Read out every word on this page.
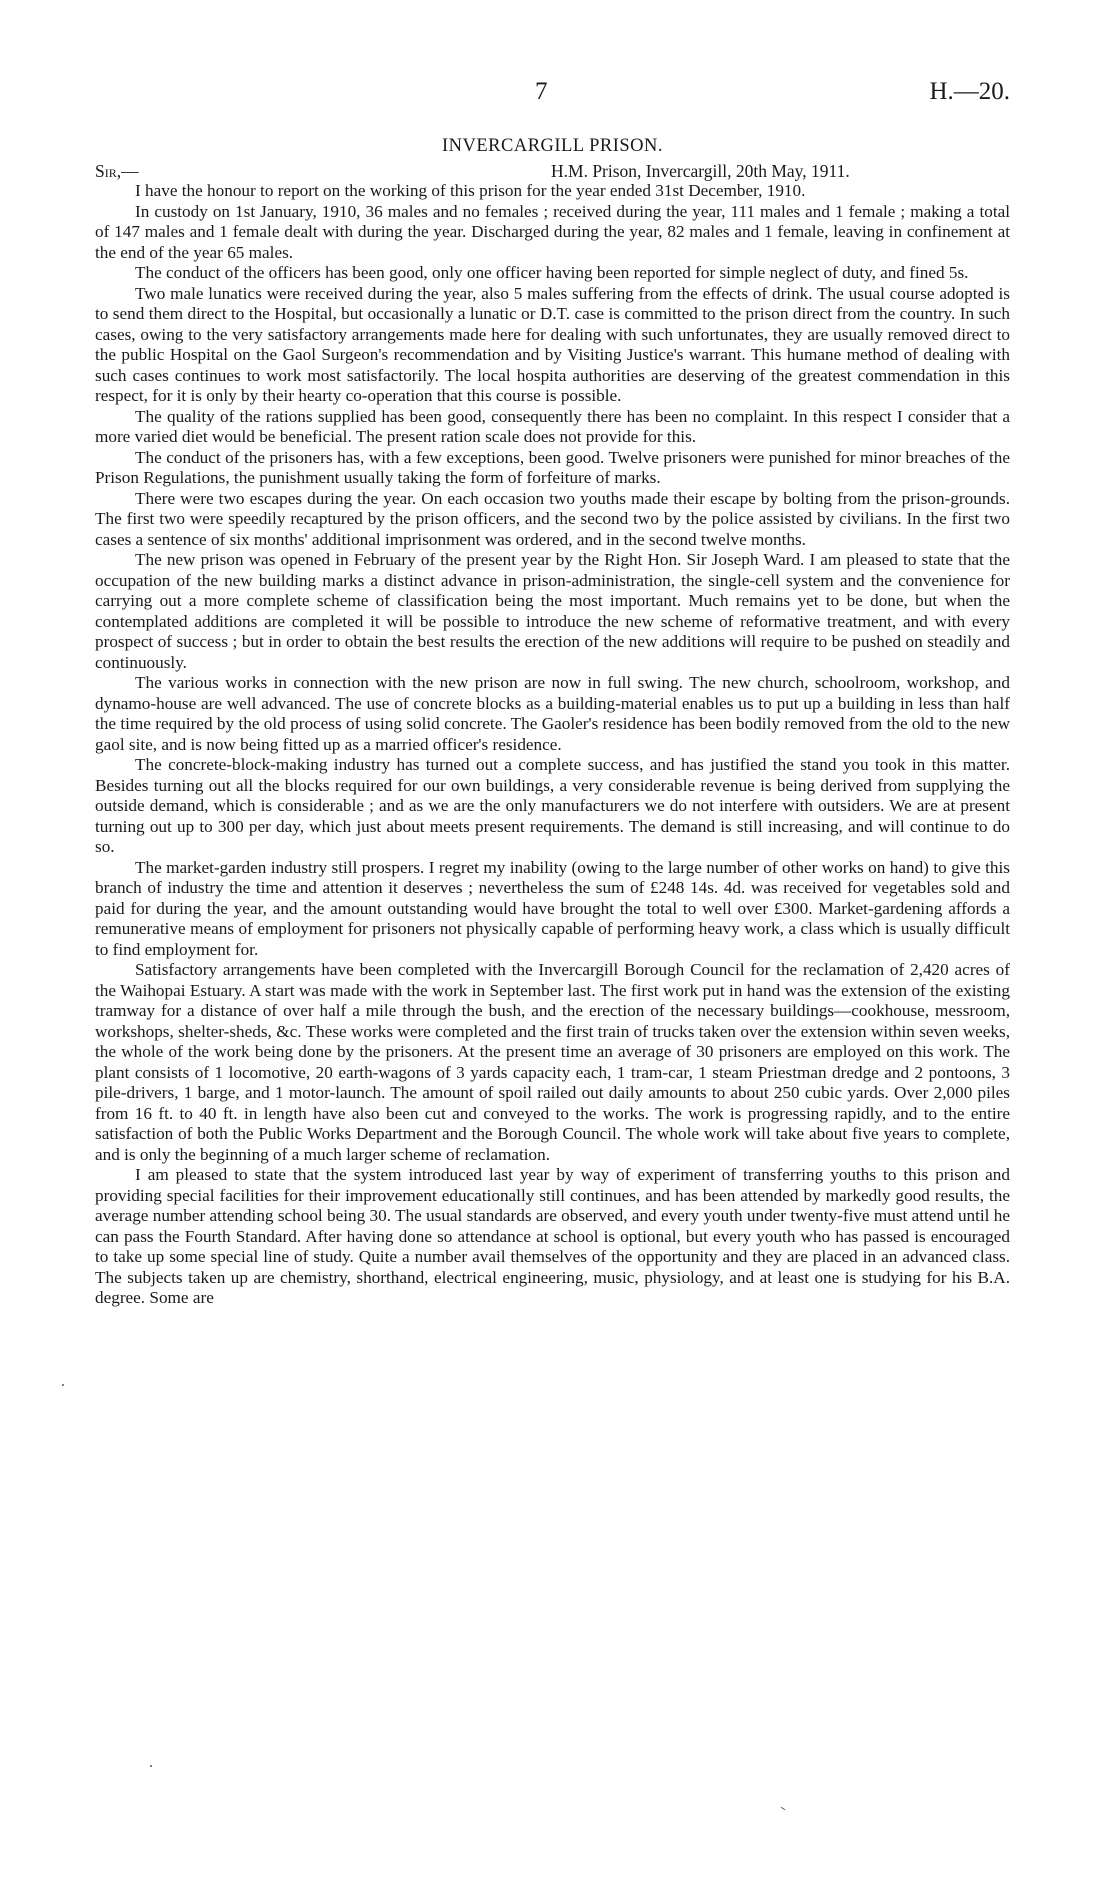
7	H.—20.
INVERCARGILL PRISON.
Sir,—	H.M. Prison, Invercargill, 20th May, 1911.

I have the honour to report on the working of this prison for the year ended 31st December, 1910.

In custody on 1st January, 1910, 36 males and no females ; received during the year, 111 males and 1 female ; making a total of 147 males and 1 female dealt with during the year. Discharged during the year, 82 males and 1 female, leaving in confinement at the end of the year 65 males.

The conduct of the officers has been good, only one officer having been reported for simple neglect of duty, and fined 5s.

Two male lunatics were received during the year, also 5 males suffering from the effects of drink. The usual course adopted is to send them direct to the Hospital, but occasionally a lunatic or D.T. case is committed to the prison direct from the country. In such cases, owing to the very satisfactory arrangements made here for dealing with such unfortunates, they are usually removed direct to the public Hospital on the Gaol Surgeon's recommendation and by Visiting Justice's warrant. This humane method of dealing with such cases continues to work most satisfactorily. The local hospita authorities are deserving of the greatest commendation in this respect, for it is only by their hearty co-operation that this course is possible.

The quality of the rations supplied has been good, consequently there has been no complaint. In this respect I consider that a more varied diet would be beneficial. The present ration scale does not provide for this.

The conduct of the prisoners has, with a few exceptions, been good. Twelve prisoners were punished for minor breaches of the Prison Regulations, the punishment usually taking the form of forfeiture of marks.

There were two escapes during the year. On each occasion two youths made their escape by bolting from the prison-grounds. The first two were speedily recaptured by the prison officers, and the second two by the police assisted by civilians. In the first two cases a sentence of six months' additional imprisonment was ordered, and in the second twelve months.

The new prison was opened in February of the present year by the Right Hon. Sir Joseph Ward. I am pleased to state that the occupation of the new building marks a distinct advance in prison-administration, the single-cell system and the convenience for carrying out a more complete scheme of classification being the most important. Much remains yet to be done, but when the contemplated additions are completed it will be possible to introduce the new scheme of reformative treatment, and with every prospect of success ; but in order to obtain the best results the erection of the new additions will require to be pushed on steadily and continuously.

The various works in connection with the new prison are now in full swing. The new church, schoolroom, workshop, and dynamo-house are well advanced. The use of concrete blocks as a building-material enables us to put up a building in less than half the time required by the old process of using solid concrete. The Gaoler's residence has been bodily removed from the old to the new gaol site, and is now being fitted up as a married officer's residence.

The concrete-block-making industry has turned out a complete success, and has justified the stand you took in this matter. Besides turning out all the blocks required for our own buildings, a very considerable revenue is being derived from supplying the outside demand, which is considerable ; and as we are the only manufacturers we do not interfere with outsiders. We are at present turning out up to 300 per day, which just about meets present requirements. The demand is still increasing, and will continue to do so.

The market-garden industry still prospers. I regret my inability (owing to the large number of other works on hand) to give this branch of industry the time and attention it deserves ; nevertheless the sum of £248 14s. 4d. was received for vegetables sold and paid for during the year, and the amount outstanding would have brought the total to well over £300. Market-gardening affords a remunerative means of employment for prisoners not physically capable of performing heavy work, a class which is usually difficult to find employment for.

Satisfactory arrangements have been completed with the Invercargill Borough Council for the reclamation of 2,420 acres of the Waihopai Estuary. A start was made with the work in September last. The first work put in hand was the extension of the existing tramway for a distance of over half a mile through the bush, and the erection of the necessary buildings—cookhouse, messroom, workshops, shelter-sheds, &c. These works were completed and the first train of trucks taken over the extension within seven weeks, the whole of the work being done by the prisoners. At the present time an average of 30 prisoners are employed on this work. The plant consists of 1 locomotive, 20 earth-wagons of 3 yards capacity each, 1 tram-car, 1 steam Priestman dredge and 2 pontoons, 3 pile-drivers, 1 barge, and 1 motor-launch. The amount of spoil railed out daily amounts to about 250 cubic yards. Over 2,000 piles from 16 ft. to 40 ft. in length have also been cut and conveyed to the works. The work is progressing rapidly, and to the entire satisfaction of both the Public Works Department and the Borough Council. The whole work will take about five years to complete, and is only the beginning of a much larger scheme of reclamation.

I am pleased to state that the system introduced last year by way of experiment of transferring youths to this prison and providing special facilities for their improvement educationally still continues, and has been attended by markedly good results, the average number attending school being 30. The usual standards are observed, and every youth under twenty-five must attend until he can pass the Fourth Standard. After having done so attendance at school is optional, but every youth who has passed is encouraged to take up some special line of study. Quite a number avail themselves of the opportunity and they are placed in an advanced class. The subjects taken up are chemistry, shorthand, electrical engineering, music, physiology, and at least one is studying for his B.A. degree. Some are
